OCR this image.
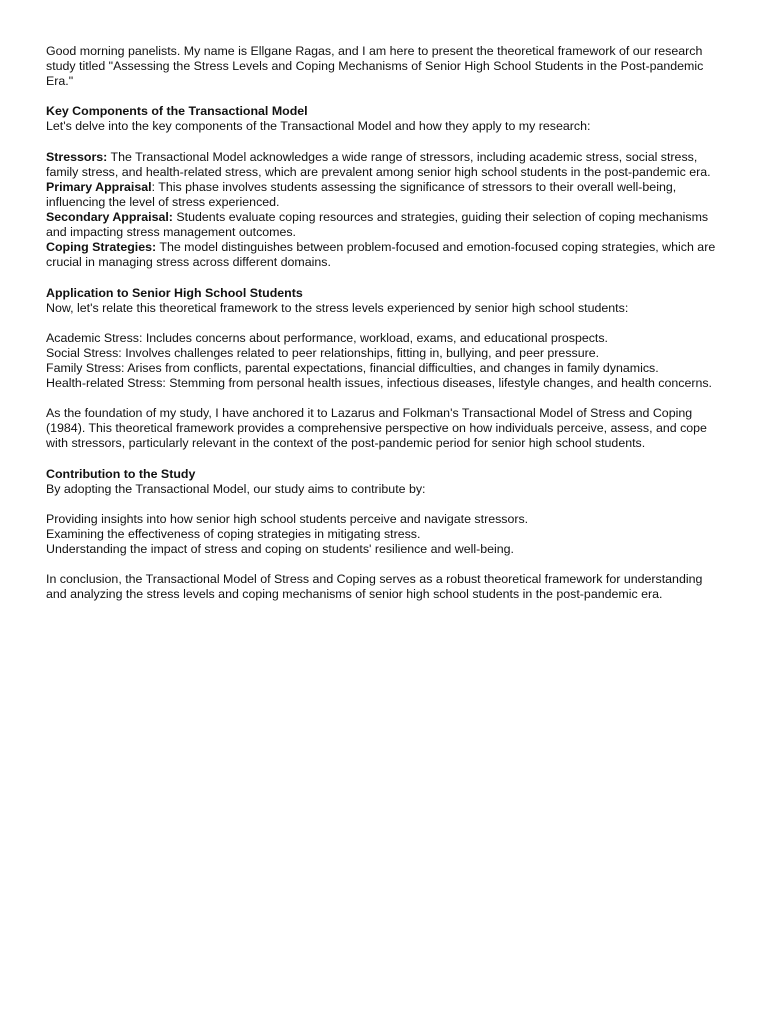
Good morning panelists. My name is Ellgane Ragas, and I am here to present the theoretical framework of our research study titled "Assessing the Stress Levels and Coping Mechanisms of Senior High School Students in the Post-pandemic Era."

Key Components of the Transactional Model

Let's delve into the key components of the Transactional Model and how they apply to my research:

Stressors: The Transactional Model acknowledges a wide range of stressors, including academic stress, social stress, family stress, and health-related stress, which are prevalent among senior high school students in the post-pandemic era.

Primary Appraisal: This phase involves students assessing the significance of stressors to their overall well-being, influencing the level of stress experienced.

Secondary Appraisal: Students evaluate coping resources and strategies, guiding their selection of coping mechanisms and impacting stress management outcomes.

Coping Strategies: The model distinguishes between problem-focused and emotion-focused coping strategies, which are crucial in managing stress across different domains.

Application to Senior High School Students

Now, let's relate this theoretical framework to the stress levels experienced by senior high school students:

Academic Stress: Includes concerns about performance, workload, exams, and educational prospects.

Social Stress: Involves challenges related to peer relationships, fitting in, bullying, and peer pressure.

Family Stress: Arises from conflicts, parental expectations, financial difficulties, and changes in family dynamics.

Health-related Stress: Stemming from personal health issues, infectious diseases, lifestyle changes, and health concerns.

As the foundation of my study, I have anchored it to Lazarus and Folkman's Transactional Model of Stress and Coping (1984). This theoretical framework provides a comprehensive perspective on how individuals perceive, assess, and cope with stressors, particularly relevant in the context of the post-pandemic period for senior high school students.

Contribution to the Study

By adopting the Transactional Model, our study aims to contribute by:

Providing insights into how senior high school students perceive and navigate stressors.

Examining the effectiveness of coping strategies in mitigating stress.

Understanding the impact of stress and coping on students' resilience and well-being.

In conclusion, the Transactional Model of Stress and Coping serves as a robust theoretical framework for understanding and analyzing the stress levels and coping mechanisms of senior high school students in the post-pandemic era.
